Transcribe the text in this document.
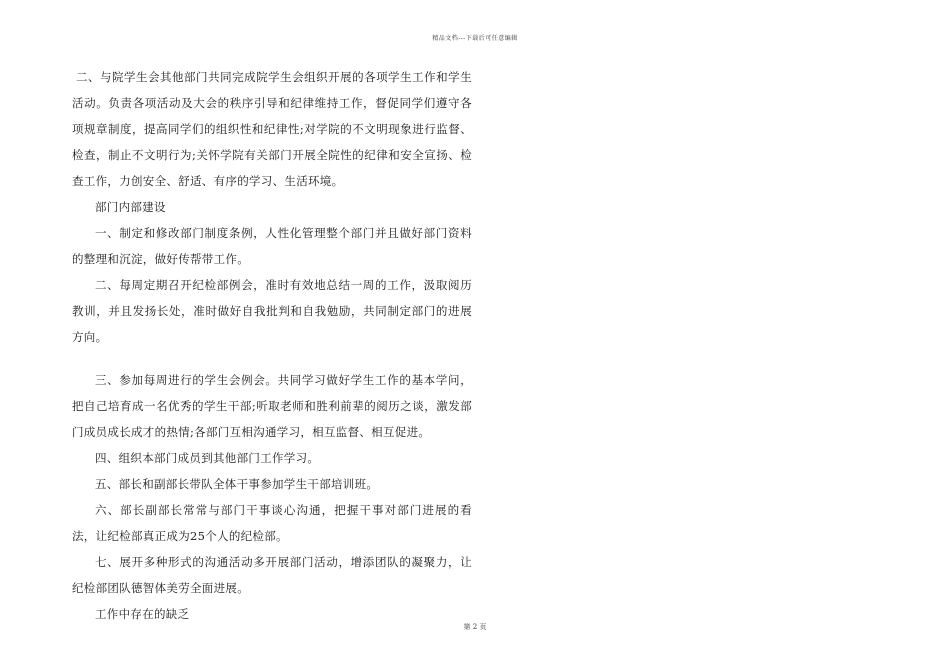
精品文档---下载后可任意编辑

二、与院学生会其他部门共同完成院学生会组织开展的各项学生工作和学生活动。负责各项活动及大会的秩序引导和纪律维持工作，督促同学们遵守各项规章制度，提高同学们的组织性和纪律性;对学院的不文明现象进行监督、检查，制止不文明行为;关怀学院有关部门开展全院性的纪律和安全宣扬、检查工作，力创安全、舒适、有序的学习、生活环境。

部门内部建设

一、制定和修改部门制度条例，人性化管理整个部门并且做好部门资料的整理和沉淀，做好传帮带工作。

二、每周定期召开纪检部例会，准时有效地总结一周的工作，汲取阅历教训，并且发扬长处，准时做好自我批判和自我勉励，共同制定部门的进展方向。

三、参加每周进行的学生会例会。共同学习做好学生工作的基本学问，把自己培育成一名优秀的学生干部;听取老师和胜利前辈的阅历之谈，激发部门成员成长成才的热情;各部门互相沟通学习，相互监督、相互促进。

四、组织本部门成员到其他部门工作学习。

五、部长和副部长带队全体干事参加学生干部培训班。

六、部长副部长常常与部门干事谈心沟通，把握干事对部门进展的看法，让纪检部真正成为25个人的纪检部。

七、展开多种形式的沟通活动多开展部门活动，增添团队的凝聚力，让纪检部团队德智体美劳全面进展。

工作中存在的缺乏

第 2 页
